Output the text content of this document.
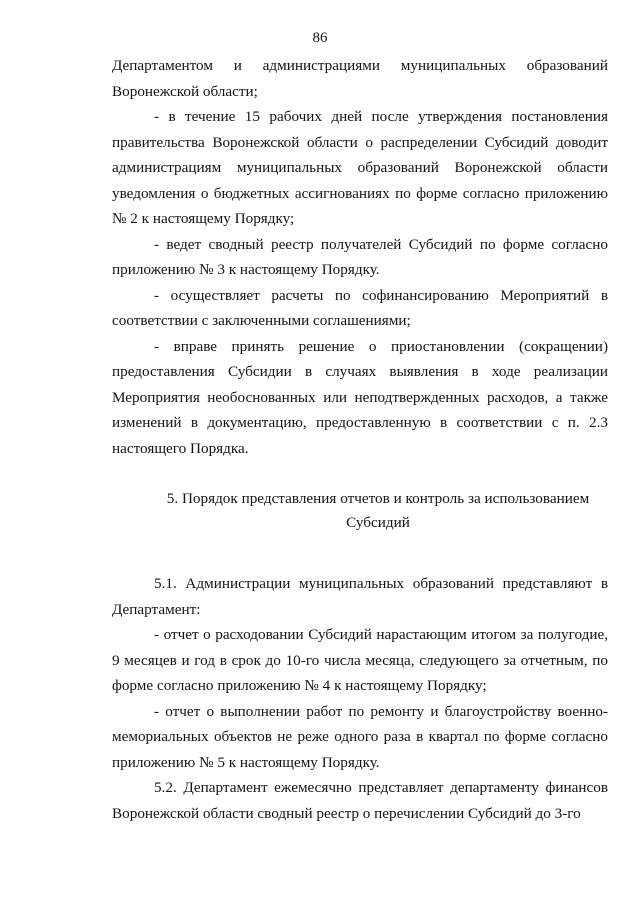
86

Департаментом и администрациями муниципальных образований Воронежской области;

- в течение 15 рабочих дней после утверждения постановления правительства Воронежской области о распределении Субсидий доводит администрациям муниципальных образований Воронежской области уведомления о бюджетных ассигнованиях по форме согласно приложению № 2 к настоящему Порядку;

- ведет сводный реестр получателей Субсидий по форме согласно приложению № 3 к настоящему Порядку.

- осуществляет расчеты по софинансированию Мероприятий в соответствии с заключенными соглашениями;

- вправе принять решение о приостановлении (сокращении) предоставления Субсидии в случаях выявления в ходе реализации Мероприятия необоснованных или неподтвержденных расходов, а также изменений в документацию, предоставленную в соответствии с п. 2.3 настоящего Порядка.

5. Порядок представления отчетов и контроль за использованием
Субсидий

5.1. Администрации муниципальных образований представляют в Департамент:

- отчет о расходовании Субсидий нарастающим итогом за полугодие, 9 месяцев и год в срок до 10-го числа месяца, следующего за отчетным, по форме согласно приложению № 4 к настоящему Порядку;

- отчет о выполнении работ по ремонту и благоустройству военно-мемориальных объектов не реже одного раза в квартал по форме согласно приложению № 5 к настоящему Порядку.

5.2. Департамент ежемесячно представляет департаменту финансов Воронежской области сводный реестр о перечислении Субсидий до 3-го
